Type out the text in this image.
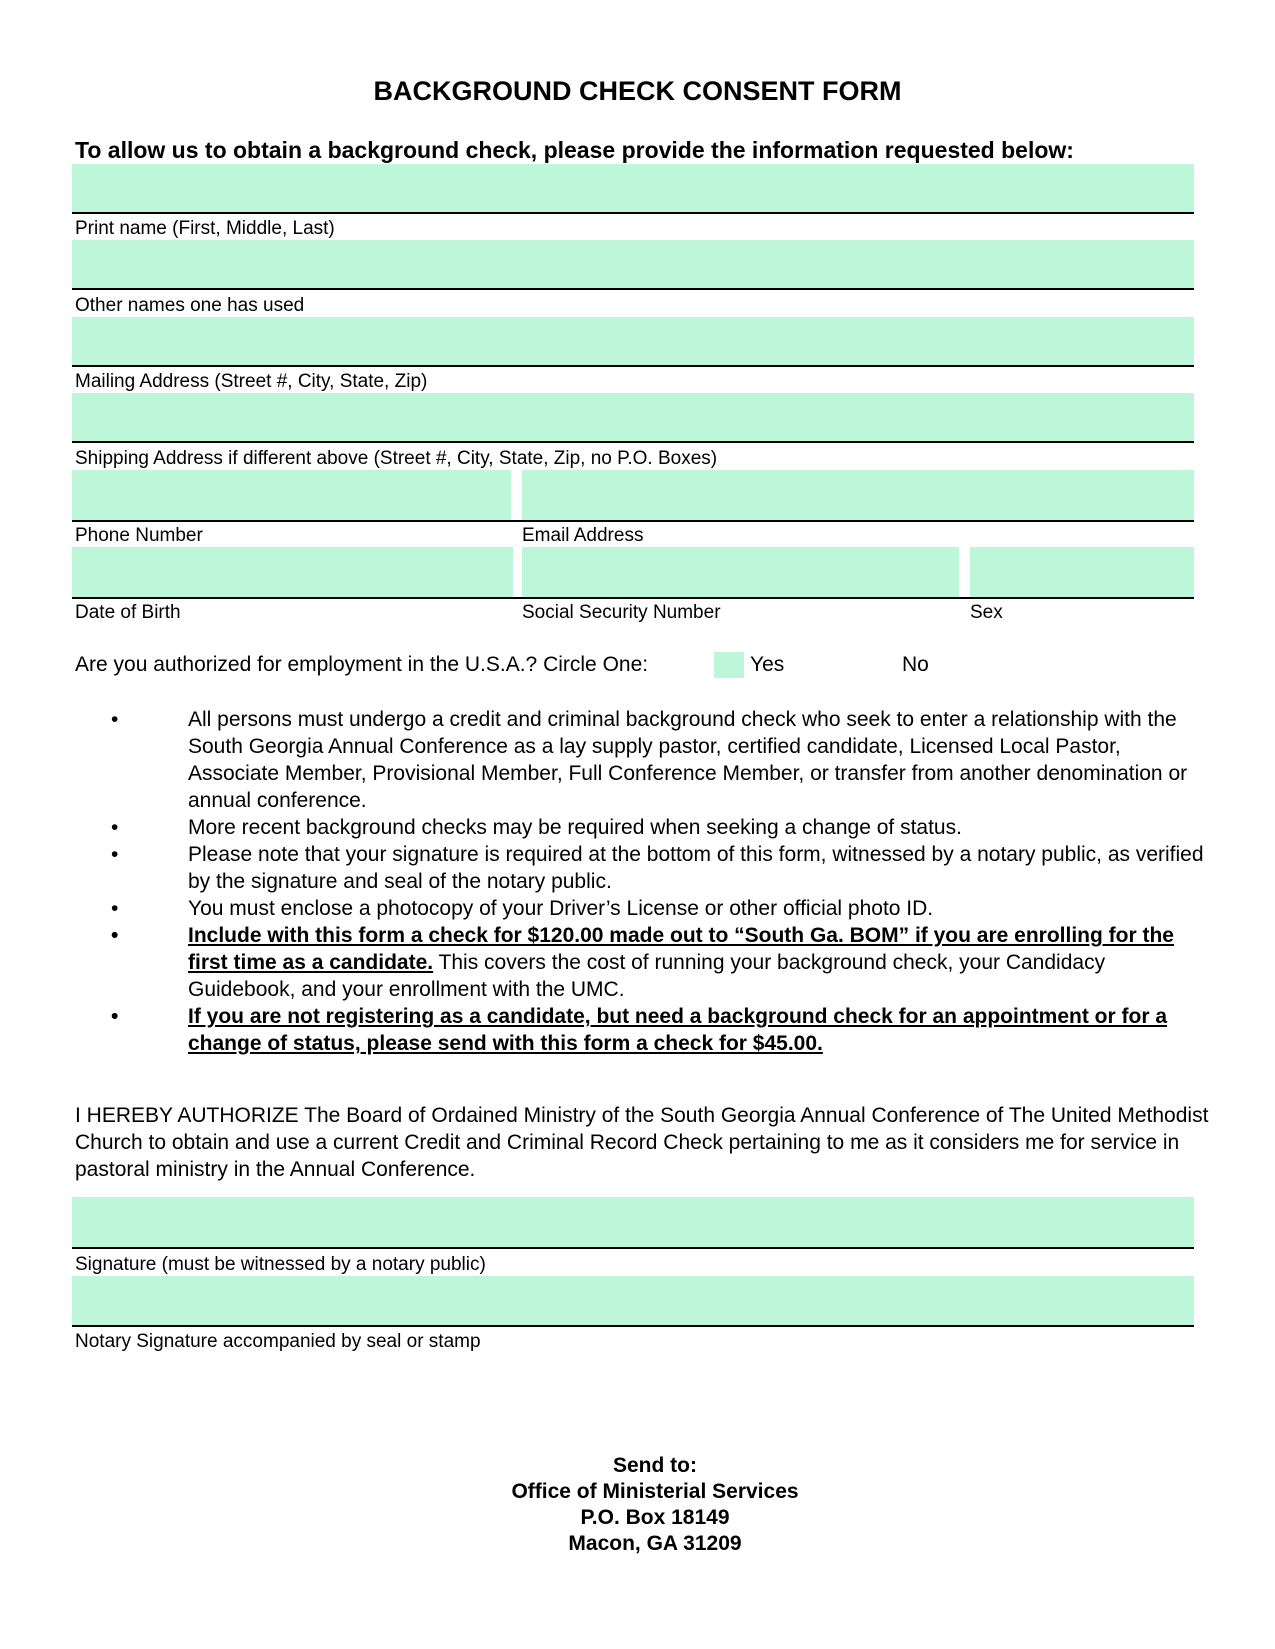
BACKGROUND CHECK CONSENT FORM
To allow us to obtain a background check, please provide the information requested below:
Print name (First, Middle, Last)
Other names one has used
Mailing Address (Street #, City, State, Zip)
Shipping Address if different above (Street #, City, State, Zip, no P.O. Boxes)
Phone Number	Email Address
Date of Birth	Social Security Number	Sex
Are you authorized for employment in the U.S.A.? Circle One:	Yes	No
•	All persons must undergo a credit and criminal background check who seek to enter a relationship with the South Georgia Annual Conference as a lay supply pastor, certified candidate, Licensed Local Pastor, Associate Member, Provisional Member, Full Conference Member, or transfer from another denomination or annual conference.
•	More recent background checks may be required when seeking a change of status.
•	Please note that your signature is required at the bottom of this form, witnessed by a notary public, as verified by the signature and seal of the notary public.
•	You must enclose a photocopy of your Driver’s License or other official photo ID.
•	Include with this form a check for $120.00 made out to “South Ga. BOM” if you are enrolling for the first time as a candidate. This covers the cost of running your background check, your Candidacy Guidebook, and your enrollment with the UMC.
•	If you are not registering as a candidate, but need a background check for an appointment or for a change of status, please send with this form a check for $45.00.
I HEREBY AUTHORIZE The Board of Ordained Ministry of the South Georgia Annual Conference of The United Methodist Church to obtain and use a current Credit and Criminal Record Check pertaining to me as it considers me for service in pastoral ministry in the Annual Conference.
Signature (must be witnessed by a notary public)
Notary Signature accompanied by seal or stamp
Send to:
Office of Ministerial Services
P.O. Box 18149
Macon, GA 31209
